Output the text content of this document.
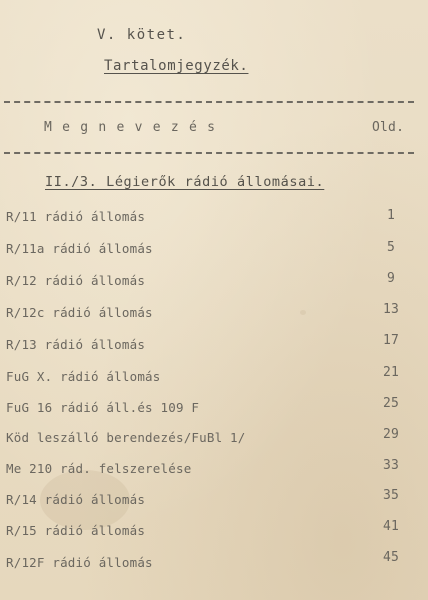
V. kötet.
Tartalomjegyzék.
Megnevezés	Old.
II./3. Légierők rádió állomásai.
R/11 rádió állomás	1
R/11a rádió állomás	5
R/12 rádió állomás	9
R/12c rádió állomás	13
R/13 rádió állomás	17
FuG X. rádió állomás	21
FuG 16 rádió áll.és 109 F	25
Köd leszálló berendezés/FuBl 1/	29
Me 210 rád. felszerelése	33
R/14 rádió állomás	35
R/15 rádió állomás	41
R/12F rádió állomás	45
